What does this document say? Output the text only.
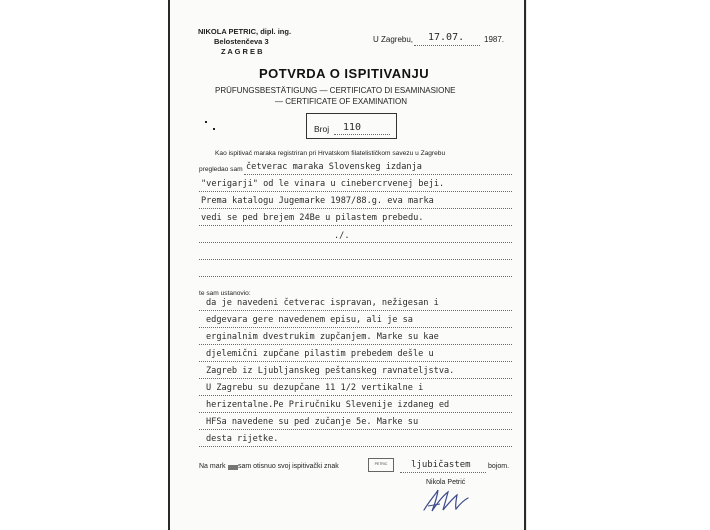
NIKOLA PETRIC, dipl. ing.
Belostenčeva 3
Z A G R E B
U Zagrebu, 17.07. 1987.
POTVRDA O ISPITIVANJU
PRÜFUNGSBESTÄTIGUNG — CERTIFICATO DI ESAMINASIONE
— CERTIFICATE OF EXAMINATION
Broj 110
Kao ispitivač maraka registriran pri Hrvatskom filatelističkom savezu u Zagrebu
pregledao sam četverac maraka Slovenskeg izdanja
"verigarji" od le vinara u cinebercrvenej beji.
Prema katalogu Jugemarke 1987/88.g. eva marka
vedi se ped brejem 24Be u pilastem prebedu.
./.
te sam ustanovio:
da je navedeni četverac ispravan, nežigesan i
edgevara gere navedenem episu, ali je sa
erginalnim dvestrukim zupčanjem. Marke su kae
djelemični zupčane pilastim prebedem dešle u
Zagreb iz Ljubljanskeg peštanskeg ravnateljstva.
U Zagrebu su dezupčane 11 1/2 vertikalne i
herizentalne.Pe Priručniku Slevenije izdaneg ed
HFSa navedene su ped zučanje 5e. Marke su
desta rijetke.
Na mark sam otisnuo svoj ispitivački znak	PETRIC	ljubičastem bojom.
Nikola Petrić
